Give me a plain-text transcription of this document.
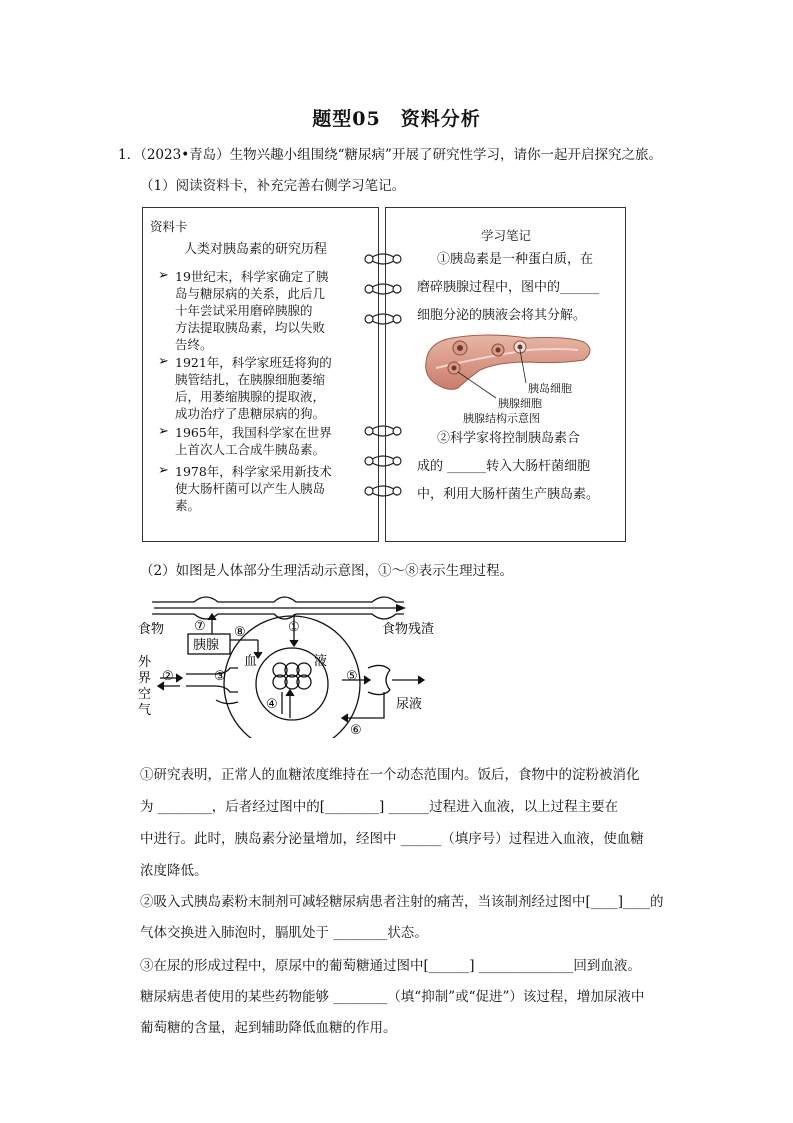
题型05　资料分析
1．（2023•青岛）生物兴趣小组围绕“糖尿病”开展了研究性学习，请你一起开启探究之旅。
（1）阅读资料卡，补充完善右侧学习笔记。
资料卡
人类对胰岛素的研究历程
➢ 19世纪末，科学家确定了胰
岛与糖尿病的关系，此后几
十年尝试采用磨碎胰腺的
方法提取胰岛素，均以失败
告终。
➢ 1921年，科学家班廷将狗的
胰管结扎，在胰腺细胞萎缩
后，用萎缩胰腺的提取液，
成功治疗了患糖尿病的狗。
➢ 1965年，我国科学家在世界
上首次人工合成牛胰岛素。
➢ 1978年，科学家采用新技术
使大肠杆菌可以产生人胰岛
素。
学习笔记
①胰岛素是一种蛋白质，在
磨碎胰腺过程中，图中的______
细胞分泌的胰液会将其分解。
②科学家将控制胰岛素合
成的 ______转入大肠杆菌细胞
中，利用大肠杆菌生产胰岛素。
胰岛细胞
胰腺细胞
胰腺结构示意图
（2）如图是人体部分生理活动示意图，①～⑧表示生理过程。
食物	食物残渣
胰腺
血	液
外
界
空
气	尿液
①
②	③
④
⑤
⑥
⑦ ⑧
①研究表明，正常人的血糖浓度维持在一个动态范围内。饭后，食物中的淀粉被消化
为 ________，后者经过图中的[________] ______过程进入血液，以上过程主要在
中进行。此时，胰岛素分泌量增加，经图中 ______（填序号）过程进入血液，使血糖
浓度降低。
②吸入式胰岛素粉末制剂可减轻糖尿病患者注射的痛苦，当该制剂经过图中[____]____的
气体交换进入肺泡时，膈肌处于 ________状态。
③在尿的形成过程中，原尿中的葡萄糖通过图中[______] ______________回到血液。
糖尿病患者使用的某些药物能够 ________（填“抑制”或“促进”）该过程，增加尿液中
葡萄糖的含量，起到辅助降低血糖的作用。
